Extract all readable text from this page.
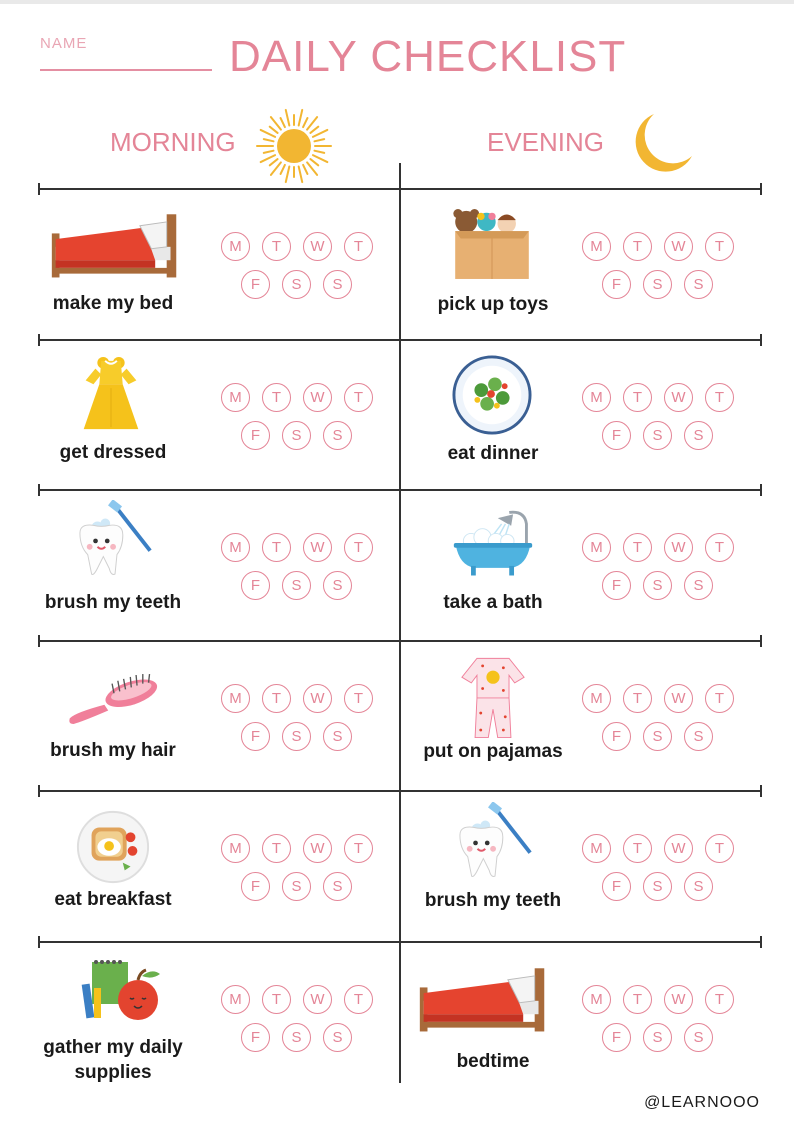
NAME	DAILY CHECKLIST
MORNING	EVENING
make my bed
M	T	W	T
F	S	S
get dressed
M	T	W	T
F	S	S
brush my teeth
M	T	W	T
F	S	S
brush my hair
M	T	W	T
F	S	S
eat breakfast
M	T	W	T
F	S	S
gather my daily supplies
M	T	W	T
F	S	S
pick up toys
M	T	W	T
F	S	S
eat dinner
M	T	W	T
F	S	S
take a bath
M	T	W	T
F	S	S
put on pajamas
M	T	W	T
F	S	S
brush my teeth
M	T	W	T
F	S	S
bedtime
M	T	W	T
F	S	S
@LEARNOOO
